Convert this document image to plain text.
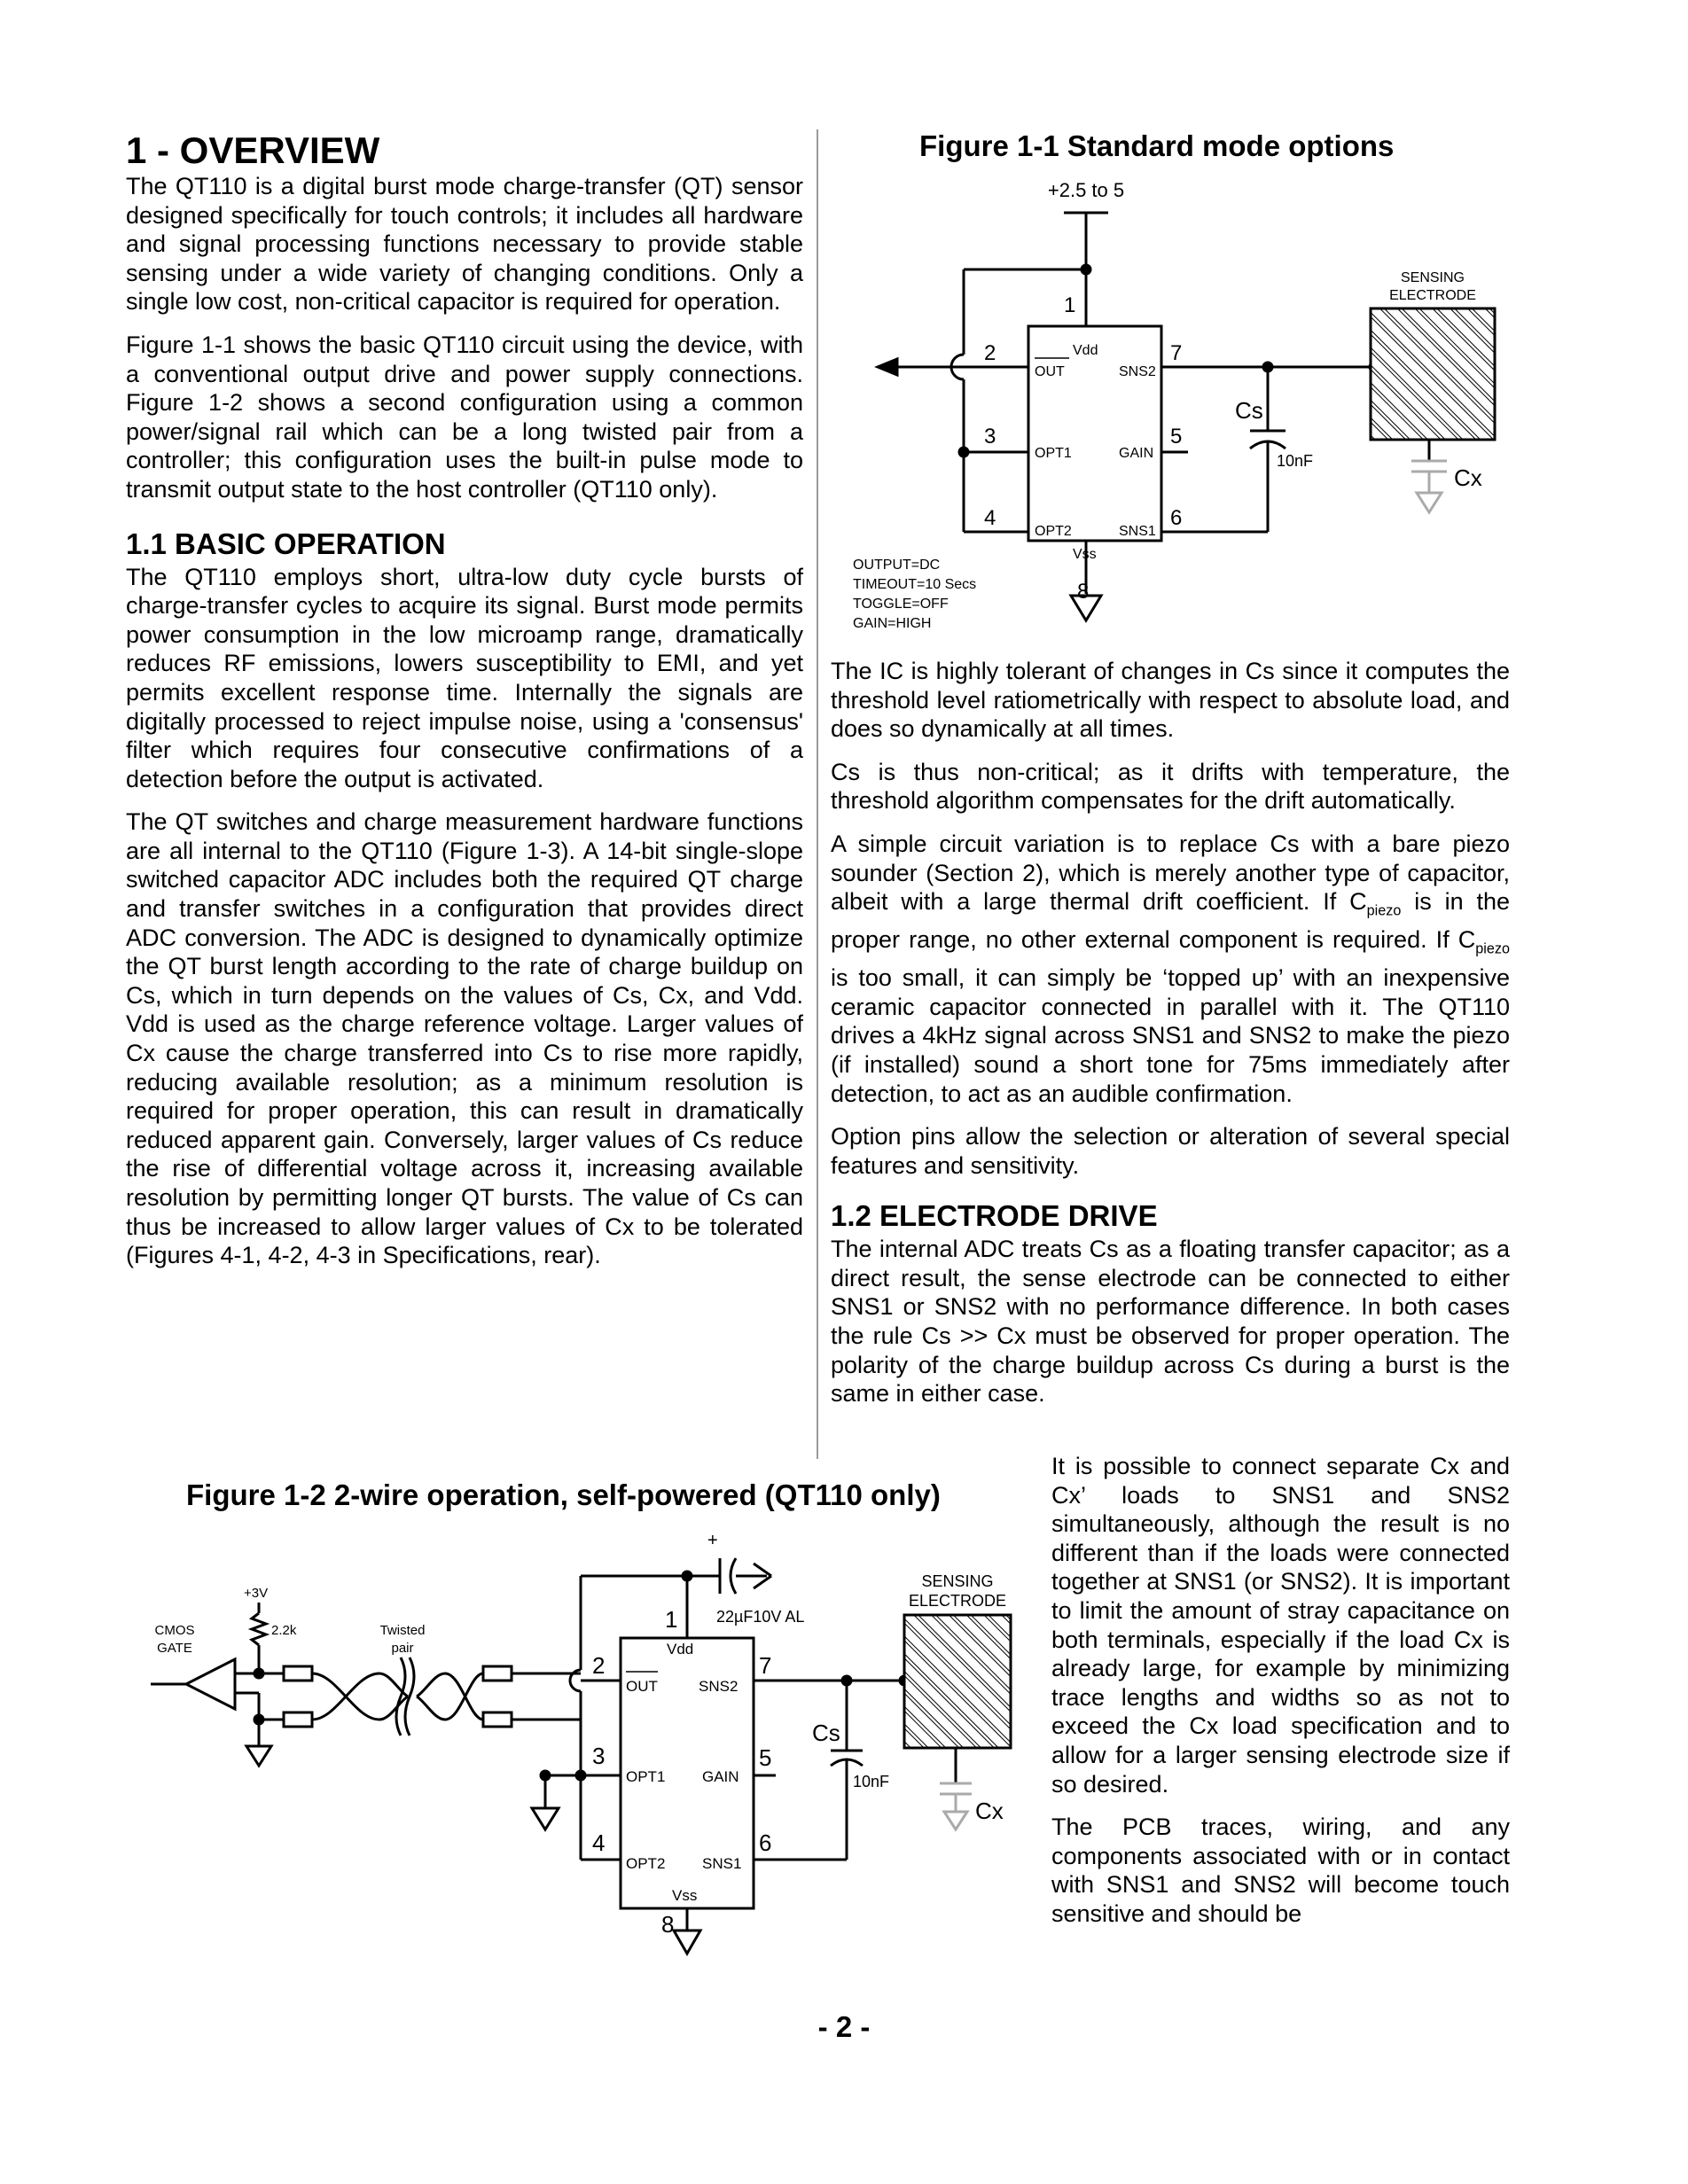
1 - OVERVIEW

The QT110 is a digital burst mode charge-transfer (QT) sensor designed specifically for touch controls; it includes all hardware and signal processing functions necessary to provide stable sensing under a wide variety of changing conditions. Only a single low cost, non-critical capacitor is required for operation.

Figure 1-1 shows the basic QT110 circuit using the device, with a conventional output drive and power supply connections. Figure 1-2 shows a second configuration using a common power/signal rail which can be a long twisted pair from a controller; this configuration uses the built-in pulse mode to transmit output state to the host controller (QT110 only).

1.1 BASIC OPERATION

The QT110 employs short, ultra-low duty cycle bursts of charge-transfer cycles to acquire its signal. Burst mode permits power consumption in the low microamp range, dramatically reduces RF emissions, lowers susceptibility to EMI, and yet permits excellent response time. Internally the signals are digitally processed to reject impulse noise, using a 'consensus' filter which requires four consecutive confirmations of a detection before the output is activated.

The QT switches and charge measurement hardware functions are all internal to the QT110 (Figure 1-3). A 14-bit single-slope switched capacitor ADC includes both the required QT charge and transfer switches in a configuration that provides direct ADC conversion. The ADC is designed to dynamically optimize the QT burst length according to the rate of charge buildup on Cs, which in turn depends on the values of Cs, Cx, and Vdd. Vdd is used as the charge reference voltage. Larger values of Cx cause the charge transferred into Cs to rise more rapidly, reducing available resolution; as a minimum resolution is required for proper operation, this can result in dramatically reduced apparent gain. Conversely, larger values of Cs reduce the rise of differential voltage across it, increasing available resolution by permitting longer QT bursts. The value of Cs can thus be increased to allow larger values of Cx to be tolerated (Figures 4-1, 4-2, 4-3 in Specifications, rear).

The IC is highly tolerant of changes in Cs since it computes the threshold level ratiometrically with respect to absolute load, and does so dynamically at all times.

Cs is thus non-critical; as it drifts with temperature, the threshold algorithm compensates for the drift automatically.

A simple circuit variation is to replace Cs with a bare piezo sounder (Section 2), which is merely another type of capacitor, albeit with a large thermal drift coefficient. If $C_{piezo}$ is in the proper range, no other external component is required. If $C_{piezo}$ is too small, it can simply be ‘topped up’ with an inexpensive ceramic capacitor connected in parallel with it. The QT110 drives a 4kHz signal across SNS1 and SNS2 to make the piezo (if installed) sound a short tone for 75ms immediately after detection, to act as an audible confirmation.

Option pins allow the selection or alteration of several special features and sensitivity.

1.2 ELECTRODE DRIVE

The internal ADC treats Cs as a floating transfer capacitor; as a direct result, the sense electrode can be connected to either SNS1 or SNS2 with no performance difference. In both cases the rule Cs >> Cx must be observed for proper operation. The polarity of the charge buildup across Cs during a burst is the same in either case.

It is possible to connect separate Cx and Cx’ loads to SNS1 and SNS2 simultaneously, although the result is no different than if the loads were connected together at SNS1 (or SNS2). It is important to limit the amount of stray capacitance on both terminals, especially if the load Cx is already large, for example by minimizing trace lengths and widths so as not to exceed the Cx load specification and to allow for a larger sensing electrode size if so desired.

The PCB traces, wiring, and any components associated with or in contact with SNS1 and SNS2 will become touch sensitive and should be

Figure 1-1 Standard mode options
Figure 1-2 2-wire operation, self-powered (QT110 only)
+2.5 to 5
1
2
3
4
5
6
7
8
Vdd
OUT	SNS2
OPT1	GAIN
OPT2	SNS1
Vss
Cs
10nF
Cx
SENSING
ELECTRODE
OUTPUT=DC
TIMEOUT=10 Secs
TOGGLE=OFF
GAIN=HIGH
+
22µF10V AL
+3V
2.2k
CMOS
GATE
Twisted
pair
1
2
3
4
5
6
7
8
Vdd
OUT	SNS2
OPT1 GAIN
OPT2 SNS1
Vss
Cs
10nF
Cx
SENSING
ELECTRODE
- 2 -
